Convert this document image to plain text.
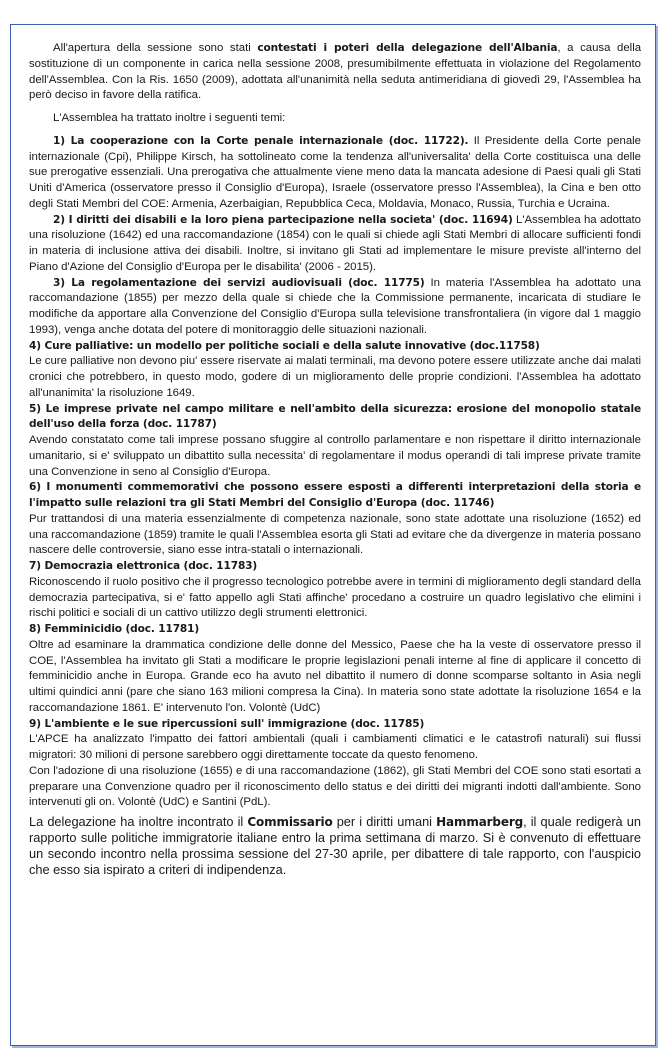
All'apertura della sessione sono stati contestati i poteri della delegazione dell'Albania, a causa della sostituzione di un componente in carica nella sessione 2008, presumibilmente effettuata in violazione del Regolamento dell'Assemblea. Con la Ris. 1650 (2009), adottata all'unanimità nella seduta antimeridiana di giovedì 29, l'Assemblea ha però deciso in favore della ratifica.

L'Assemblea ha trattato inoltre i seguenti temi:

1) La cooperazione con la Corte penale internazionale (doc. 11722). Il Presidente della Corte penale internazionale (Cpi), Philippe Kirsch, ha sottolineato come la tendenza all'universalita' della Corte costituisca una delle sue prerogative essenziali. Una prerogativa che attualmente viene meno data la mancata adesione di Paesi quali gli Stati Uniti d'America (osservatore presso il Consiglio d'Europa), Israele (osservatore presso l'Assemblea), la Cina e ben otto degli Stati Membri del COE: Armenia, Azerbaigian, Repubblica Ceca, Moldavia, Monaco, Russia, Turchia e Ucraina.

2) I diritti dei disabili e la loro piena partecipazione nella societa' (doc. 11694) L'Assemblea ha adottato una risoluzione (1642) ed una raccomandazione (1854) con le quali si chiede agli Stati Membri di allocare sufficienti fondi in materia di inclusione attiva dei disabili. Inoltre, si invitano gli Stati ad implementare le misure previste all'interno del Piano d'Azione del Consiglio d'Europa per le disabilita' (2006 - 2015).

3) La regolamentazione dei servizi audiovisuali (doc. 11775) In materia l'Assemblea ha adottato una raccomandazione (1855) per mezzo della quale si chiede che la Commissione permanente, incaricata di studiare le modifiche da apportare alla Convenzione del Consiglio d'Europa sulla televisione transfrontaliera (in vigore dal 1 maggio 1993), venga anche dotata del potere di monitoraggio delle situazioni nazionali.

4) Cure palliative: un modello per politiche sociali e della salute innovative (doc.11758)

Le cure palliative non devono piu' essere riservate ai malati terminali, ma devono potere essere utilizzate anche dai malati cronici che potrebbero, in questo modo, godere di un miglioramento delle proprie condizioni. l'Assemblea ha adottato all'unanimita' la risoluzione 1649.

5) Le imprese private nel campo militare e nell'ambito della sicurezza: erosione del monopolio statale dell'uso della forza (doc. 11787)

Avendo constatato come tali imprese possano sfuggire al controllo parlamentare e non rispettare il diritto internazionale umanitario, si e' sviluppato un dibattito sulla necessita' di regolamentare il modus operandi di tali imprese private tramite una Convenzione in seno al Consiglio d'Europa.

6) I monumenti commemorativi che possono essere esposti a differenti interpretazioni della storia e l'impatto sulle relazioni tra gli Stati Membri del Consiglio d'Europa (doc. 11746)

Pur trattandosi di una materia essenzialmente di competenza nazionale, sono state adottate una risoluzione (1652) ed una raccomandazione (1859) tramite le quali l'Assemblea esorta gli Stati ad evitare che da divergenze in materia possano nascere delle controversie, siano esse intra-statali o internazionali.

7) Democrazia elettronica (doc. 11783)

Riconoscendo il ruolo positivo che il progresso tecnologico potrebbe avere in termini di miglioramento degli standard della democrazia partecipativa, si e' fatto appello agli Stati affinche' procedano a costruire un quadro legislativo che elimini i rischi politici e sociali di un cattivo utilizzo degli strumenti elettronici.

8) Femminicidio (doc. 11781)

Oltre ad esaminare la drammatica condizione delle donne del Messico, Paese che ha la veste di osservatore presso il COE, l'Assemblea ha invitato gli Stati a modificare le proprie legislazioni penali interne al fine di applicare il concetto di femminicidio anche in Europa. Grande eco ha avuto nel dibattito il numero di donne scomparse soltanto in Asia negli ultimi quindici anni (pare che siano 163 milioni compresa la Cina). In materia sono state adottate la risoluzione 1654 e la raccomandazione 1861. E' intervenuto l'on. Volontè (UdC)

9) L'ambiente e le sue ripercussioni sull' immigrazione (doc. 11785)

L'APCE ha analizzato l'impatto dei fattori ambientali (quali i cambiamenti climatici e le catastrofi naturali) sui flussi migratori: 30 milioni di persone sarebbero oggi direttamente toccate da questo fenomeno.

Con l'adozione di una risoluzione (1655) e di una raccomandazione (1862), gli Stati Membri del COE sono stati esortati a preparare una Convenzione quadro per il riconoscimento dello status e dei diritti dei migranti indotti dall'ambiente. Sono intervenuti gli on. Volontè (UdC) e Santini (PdL).

La delegazione ha inoltre incontrato il Commissario per i diritti umani Hammarberg, il quale redigerà un rapporto sulle politiche immigratorie italiane entro la prima settimana di marzo. Si è convenuto di effettuare un secondo incontro nella prossima sessione del 27-30 aprile, per dibattere di tale rapporto, con l'auspicio che esso sia ispirato a criteri di indipendenza.
